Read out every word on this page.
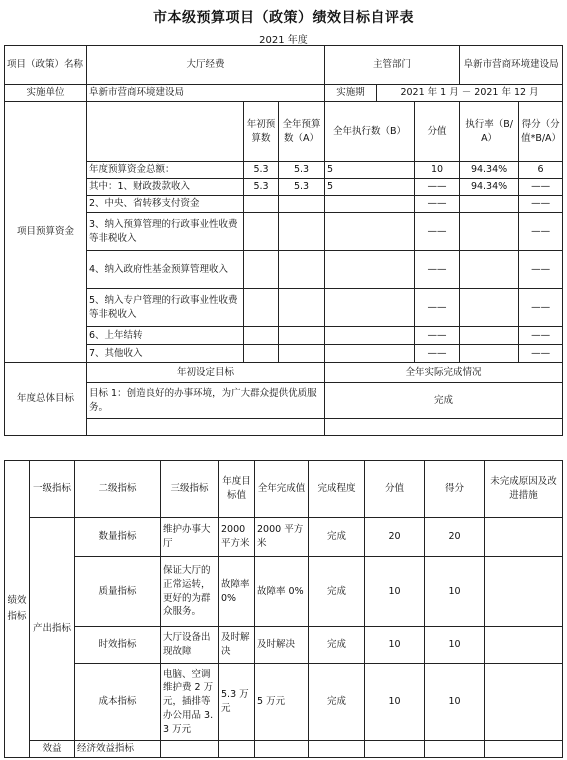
市本级预算项目（政策）绩效目标自评表
2021 年度
项目（政策）名称	大厅经费			主管部门			阜新市营商环境建设局	
实施单位	阜新市营商环境建设局			实施期	2021 年 1 月 － 2021 年 12 月			
项目预算资金		年初预算数	全年预算数（A）	全年执行数（B）		分值	执行率（B/A）	得分（分值*B/A）
	年度预算资金总额：	5.3	5.3	5		10	94.34%	6
	其中：1、财政拨款收入	5.3	5.3	5		——	94.34%	——
	2、中央、省转移支付资金					——		——
	3、纳入预算管理的行政事业性收费等非税收入					——		——
	4、纳入政府性基金预算管理收入					——		——
	5、纳入专户管理的行政事业性收费等非税收入					——		——
	6、上年结转					——		——
	7、其他收入					——		——
年度总体目标	年初设定目标			全年实际完成情况				
	目标 1：创造良好的办事环境，为广大群众提供优质服务。			完成				

绩效指标	一级指标	二级指标	三级指标	年度目标值	全年完成值	完成程度	分值	得分	未完成原因及改进措施
	产出指标	数量指标	维护办事大厅	2000 平方米	2000 平方米	完成	20	20	
		质量指标	保证大厅的正常运转，更好的为群众服务。	故障率 0%	故障率 0%	完成	10	10	
		时效指标	大厅设备出现故障	及时解决	及时解决	完成	10	10	
		成本指标	电脑、空调维护费 2 万元，插排等办公用品 3.3 万元	5.3 万元	5 万元	完成	10	10	
	效益	经济效益指标							
